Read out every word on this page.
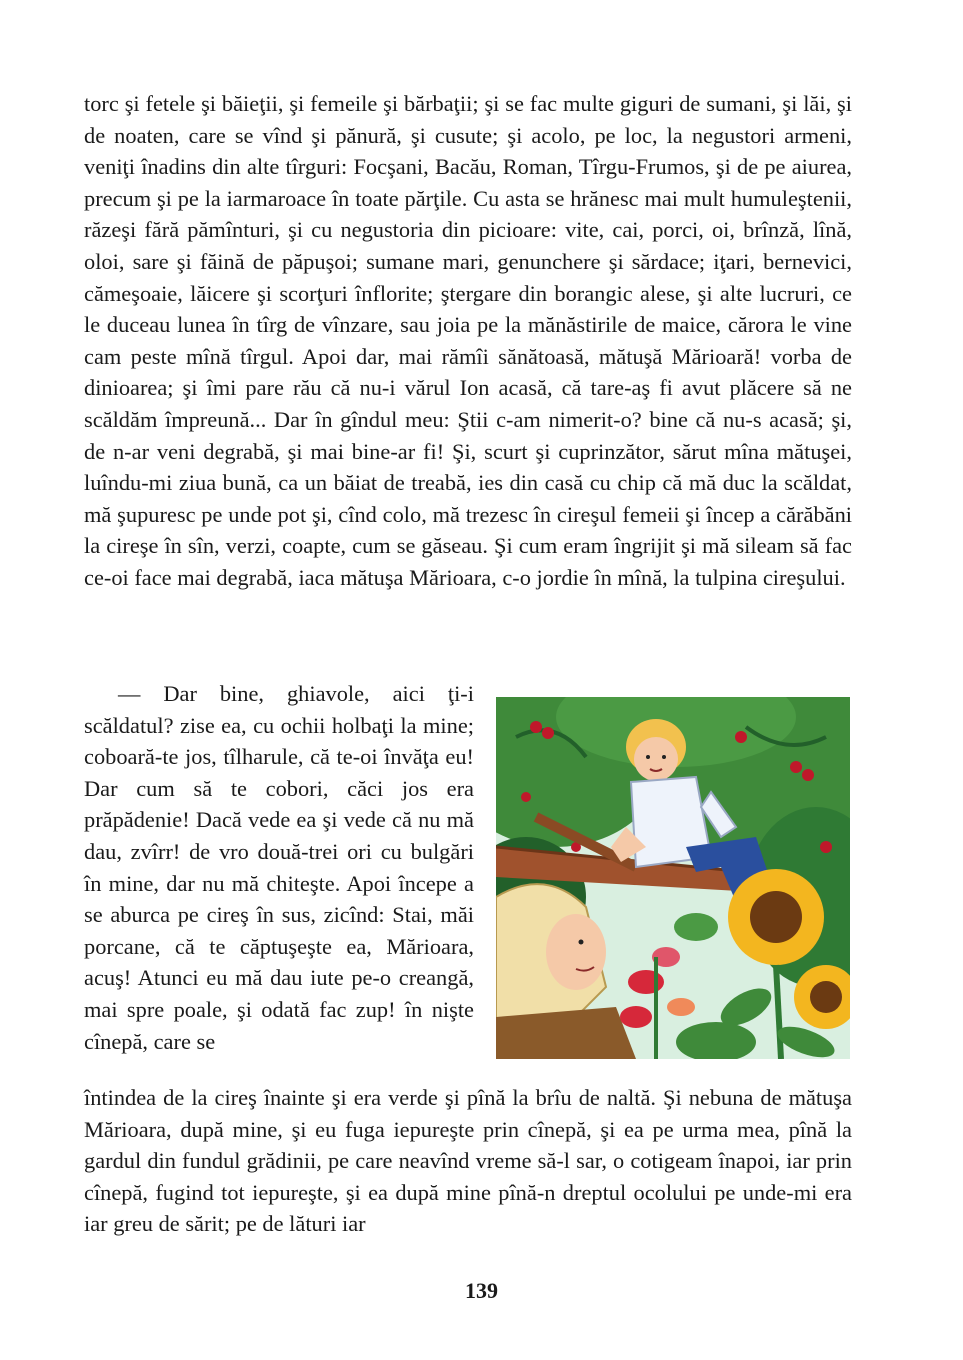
torc şi fetele şi băieţii, şi femeile şi bărbaţii; şi se fac multe giguri de sumani, şi lăi, şi de noaten, care se vînd şi pănură, şi cusute; şi acolo, pe loc, la negustori armeni, veniţi înadins din alte tîrguri: Focşani, Bacău, Roman, Tîrgu-Frumos, şi de pe aiurea, precum şi pe la iarmaroace în toate părţile. Cu asta se hrănesc mai mult humuleştenii, răzeşi fără pămînturi, şi cu negustoria din picioare: vite, cai, porci, oi, brînză, lînă, oloi, sare şi făină de păpuşoi; sumane mari, genunchere şi sărdace; iţari, bernevici, cămeşoaie, lăicere şi scorţuri înflorite; ştergare din borangic alese, şi alte lucruri, ce le duceau lunea în tîrg de vînzare, sau joia pe la mănăstirile de maice, cărora le vine cam peste mînă tîrgul. Apoi dar, mai rămîi sănătoasă, mătuşă Mărioară! vorba de dinioarea; şi îmi pare rău că nu-i vărul Ion acasă, că tare-aş fi avut plăcere să ne scăldăm împreună... Dar în gîndul meu: Ştii c-am nimerit-o? bine că nu-s acasă; şi, de n-ar veni degrabă, şi mai bine-ar fi! Şi, scurt şi cuprinzător, sărut mîna mătuşei, luîndu-mi ziua bună, ca un băiat de treabă, ies din casă cu chip că mă duc la scăldat, mă şupuresc pe unde pot şi, cînd colo, mă trezesc în cireşul femeii şi încep a cărăbăni la cireşe în sîn, verzi, coapte, cum se găseau. Şi cum eram îngrijit şi mă sileam să fac ce-oi face mai degrabă, iaca mătuşa Mărioara, c-o jordie în mînă, la tulpina cireşului.

— Dar bine, ghiavole, aici ţi-i scăldatul? zise ea, cu ochii holbaţi la mine; coboară-te jos, tîlharule, că te-oi învăţa eu! Dar cum să te cobori, căci jos era prăpădenie! Dacă vede ea şi vede că nu mă dau, zvîrr! de vro două-trei ori cu bulgări în mine, dar nu mă chiteşte. Apoi începe a se aburca pe cireş în sus, zicînd: Stai, măi porcane, că te căptuşeşte ea, Mărioara, acuş! Atunci eu mă dau iute pe-o creangă, mai spre poale, şi odată fac zup! în nişte cînepă, care se

întindea de la cireş înainte şi era verde şi pînă la brîu de naltă. Şi nebuna de mătuşa Mărioara, după mine, şi eu fuga iepureşte prin cînepă, şi ea pe urma mea, pînă la gardul din fundul grădinii, pe care neavînd vreme să-l sar, o cotigeam înapoi, iar prin cînepă, fugind tot iepureşte, şi ea după mine pînă-n dreptul ocolului pe unde-mi era iar greu de sărit; pe de lături iar

139
